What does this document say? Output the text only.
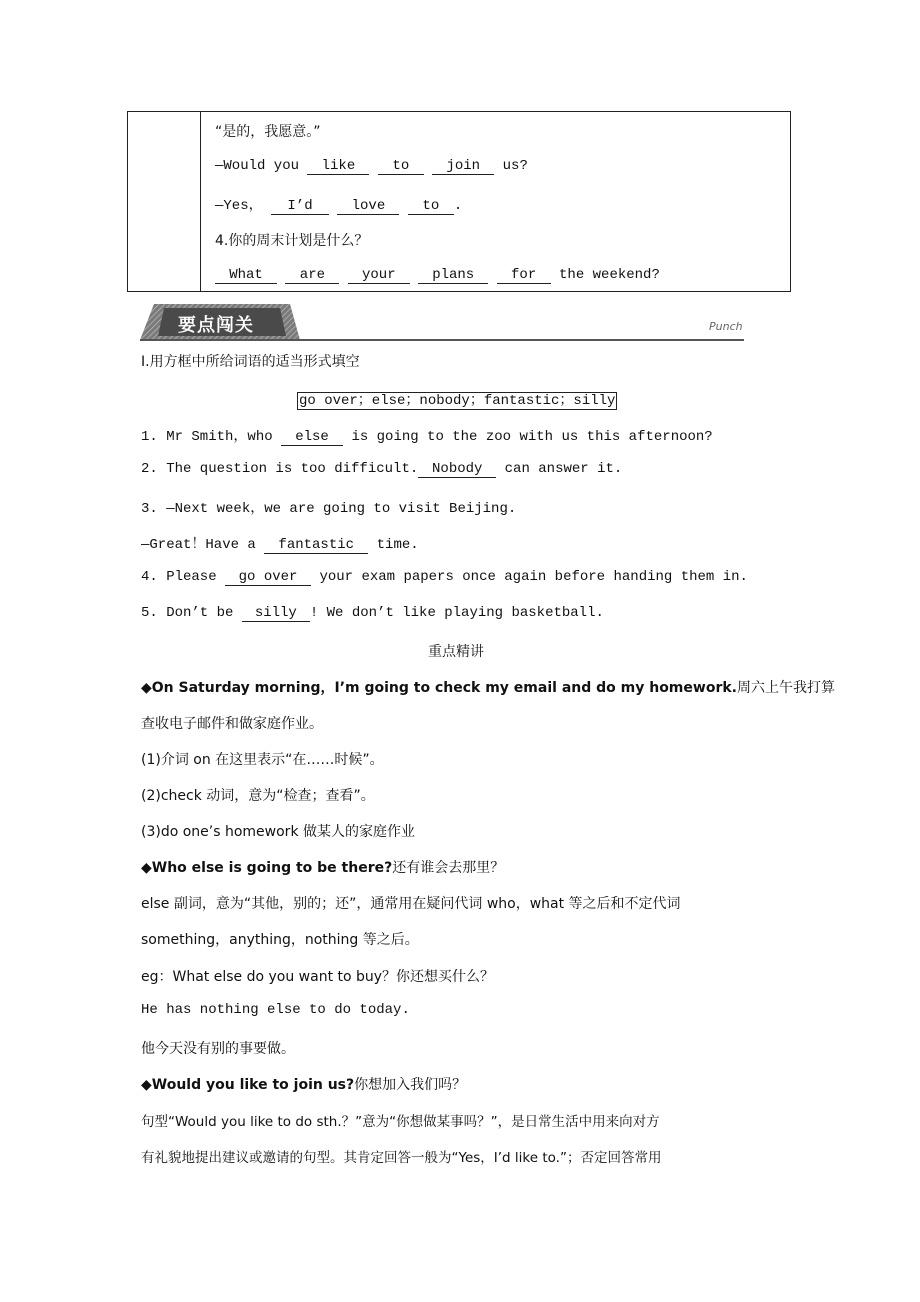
“是的，我愿意。”
—Would you like	to	join us?
—Yes， I’d	love	to .
4.你的周末计划是什么？
What	are	your	plans	for the weekend?
要点闯关	Punch
Ⅰ.用方框中所给词语的适当形式填空
go over；else；nobody；fantastic；silly
1. Mr Smith，who else is going to the zoo with us this afternoon?
2. The question is too difficult. Nobody can answer it.
3. —Next week，we are going to visit Beijing.
—Great！Have a fantastic time.
4. Please go over your exam papers once again before handing them in.
5. Don’t be silly ! We don’t like playing basketball.
重点精讲
◆On Saturday morning，I’m going to check my email and do my homework.周六上午我打算
查收电子邮件和做家庭作业。
(1)介词 on 在这里表示“在……时候”。
(2)check 动词，意为“检查；查看”。
(3)do one’s homework 做某人的家庭作业
◆Who else is going to be there?还有谁会去那里？
else 副词，意为“其他，别的；还”，通常用在疑问代词 who，what 等之后和不定代词
something，anything，nothing 等之后。
eg：What else do you want to buy？你还想买什么？
He has nothing else to do today.
他今天没有别的事要做。
◆Would you like to join us?你想加入我们吗？
句型“Would you like to do sth.？”意为“你想做某事吗？”，是日常生活中用来向对方
有礼貌地提出建议或邀请的句型。其肯定回答一般为“Yes，I’d like to.”；否定回答常用
